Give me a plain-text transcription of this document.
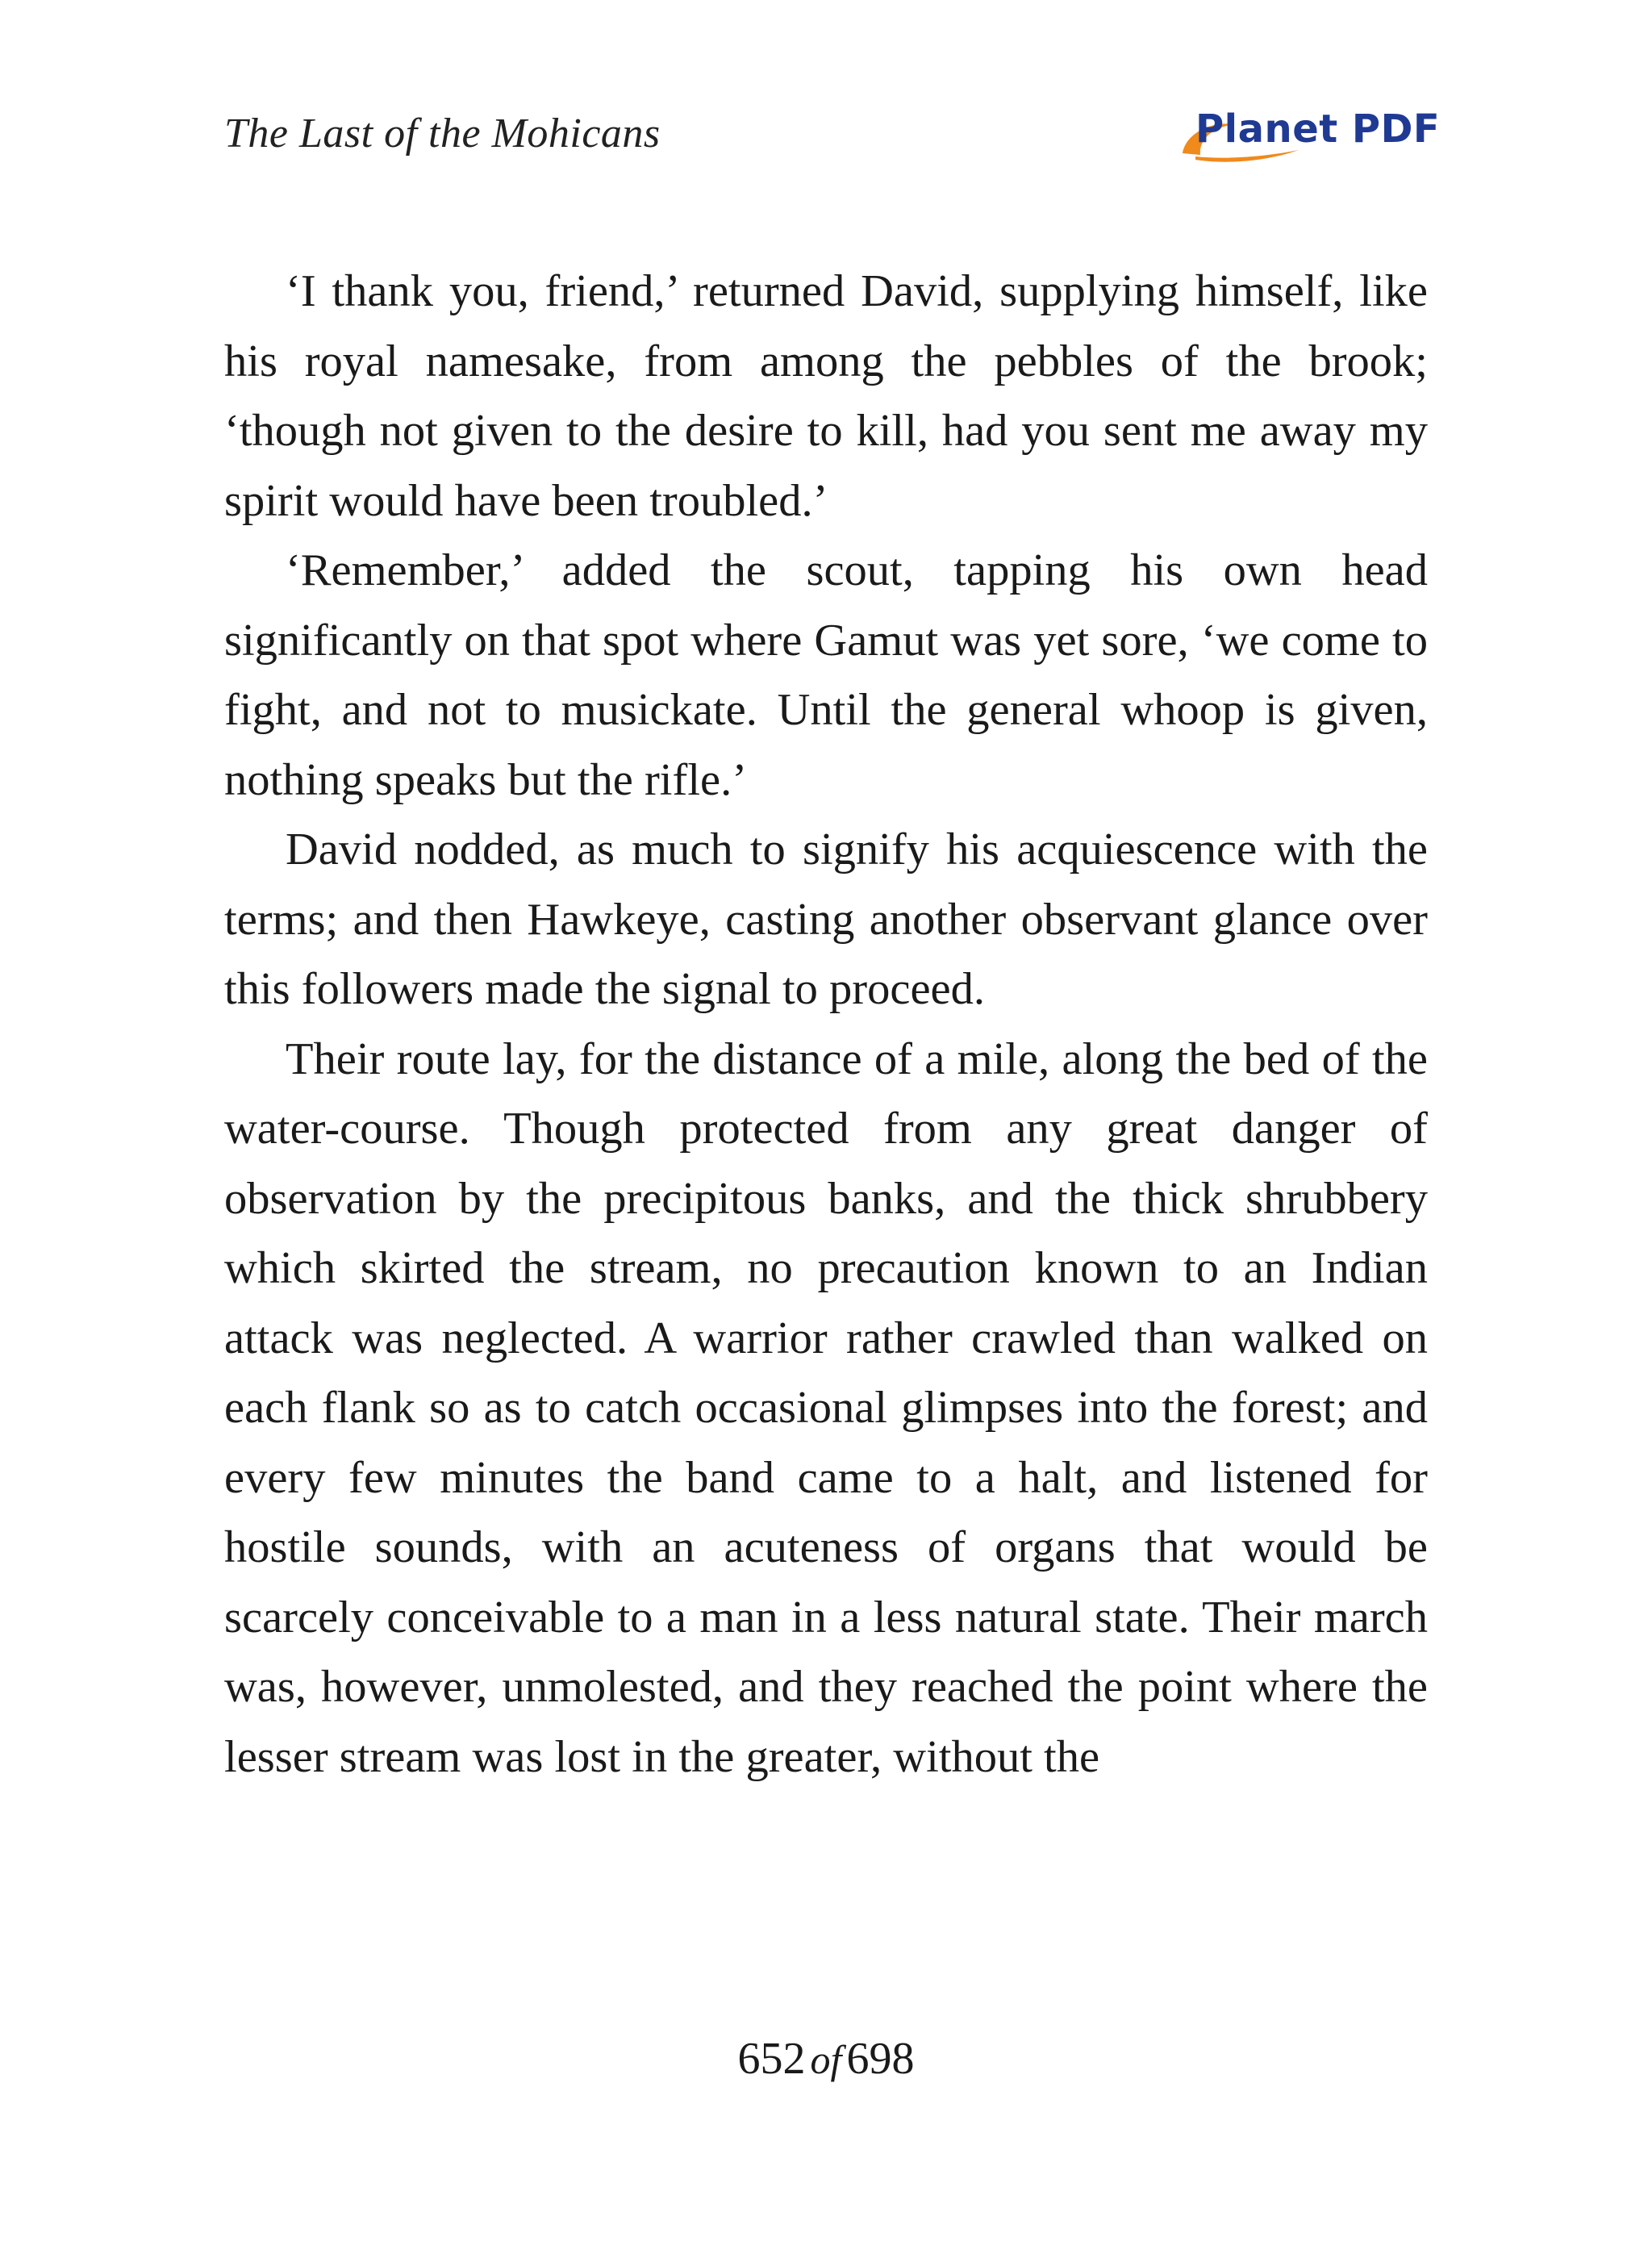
The Last of the Mohicans	Planet PDF

‘I thank you, friend,’ returned David, supplying himself, like his royal namesake, from among the pebbles of the brook; ‘though not given to the desire to kill, had you sent me away my spirit would have been troubled.’

‘Remember,’ added the scout, tapping his own head significantly on that spot where Gamut was yet sore, ‘we come to fight, and not to musickate. Until the general whoop is given, nothing speaks but the rifle.’

David nodded, as much to signify his acquiescence with the terms; and then Hawkeye, casting another observant glance over this followers made the signal to proceed.

Their route lay, for the distance of a mile, along the bed of the water-course. Though protected from any great danger of observation by the precipitous banks, and the thick shrubbery which skirted the stream, no precaution known to an Indian attack was neglected. A warrior rather crawled than walked on each flank so as to catch occasional glimpses into the forest; and every few minutes the band came to a halt, and listened for hostile sounds, with an acuteness of organs that would be scarcely conceivable to a man in a less natural state. Their march was, however, unmolested, and they reached the point where the lesser stream was lost in the greater, without the

652 of 698
